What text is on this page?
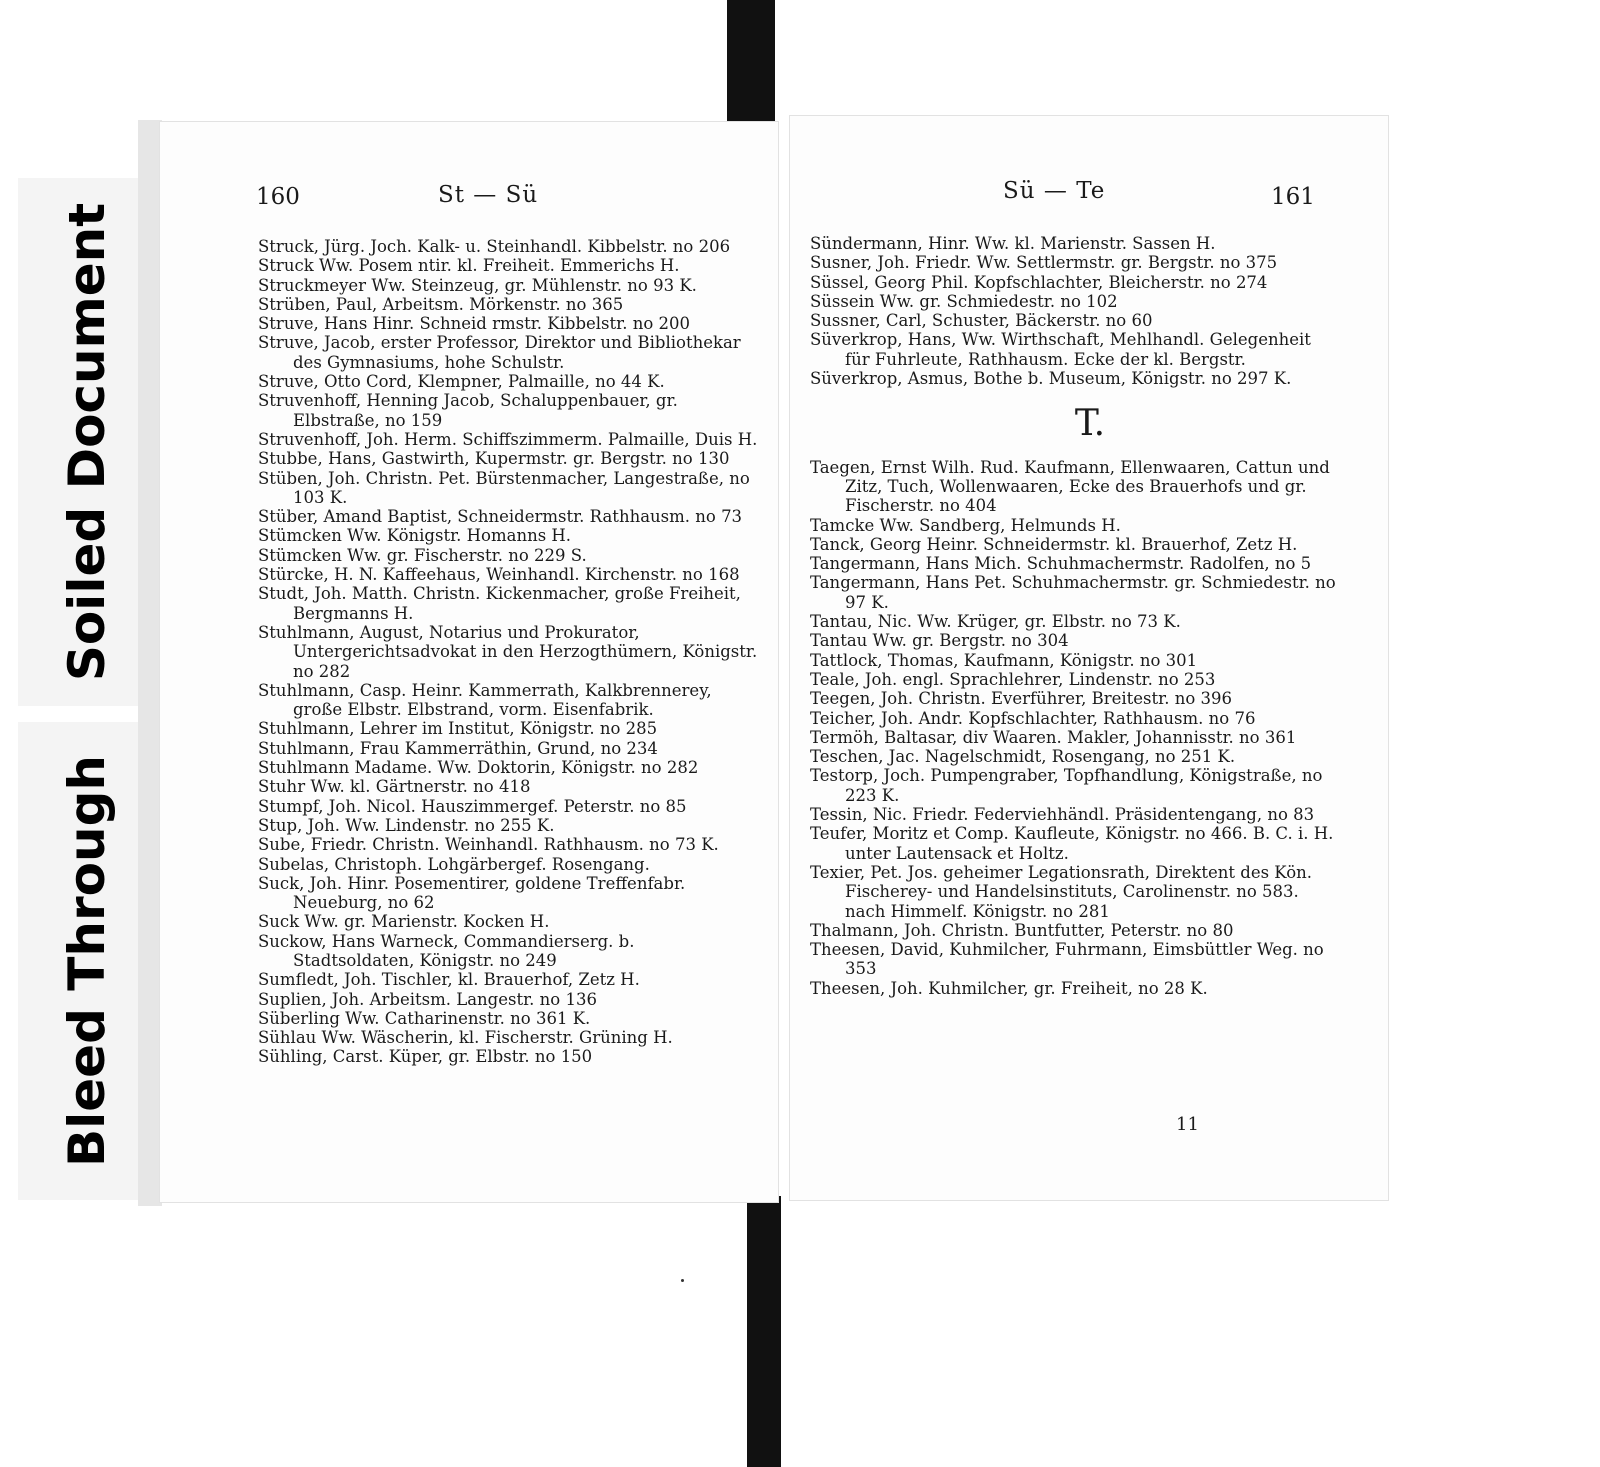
Soiled Document
Bleed Through
160	St — Sü
Struck, Jürg. Joch. Kalk- u. Steinhandl. Kibbelstr. no 206
Struck Ww. Posem ntir. kl. Freiheit. Emmerichs H.
Struckmeyer Ww. Steinzeug, gr. Mühlenstr. no 93 K.
Strüben, Paul, Arbeitsm. Mörkenstr. no 365
Struve, Hans Hinr. Schneid rmstr. Kibbelstr. no 200
Struve, Jacob, erster Professor, Direktor und Bibliothekar des Gymnasiums, hohe Schulstr.
Struve, Otto Cord, Klempner, Palmaille, no 44 K.
Struvenhoff, Henning Jacob, Schaluppenbauer, gr. Elbstraße, no 159
Struvenhoff, Joh. Herm. Schiffszimmerm. Palmaille, Duis H.
Stubbe, Hans, Gastwirth, Kupermstr. gr. Bergstr. no 130
Stüben, Joh. Christn. Pet. Bürstenmacher, Langestraße, no 103 K.
Stüber, Amand Baptist, Schneidermstr. Rathhausm. no 73
Stümcken Ww. Königstr. Homanns H.
Stümcken Ww. gr. Fischerstr. no 229 S.
Stürcke, H. N. Kaffeehaus, Weinhandl. Kirchenstr. no 168
Studt, Joh. Matth. Christn. Kickenmacher, große Freiheit, Bergmanns H.
Stuhlmann, August, Notarius und Prokurator, Untergerichtsadvokat in den Herzogthümern, Königstr. no 282
Stuhlmann, Casp. Heinr. Kammerrath, Kalkbrennerey, große Elbstr. Elbstrand, vorm. Eisenfabrik.
Stuhlmann, Lehrer im Institut, Königstr. no 285
Stuhlmann, Frau Kammerräthin, Grund, no 234
Stuhlmann Madame. Ww. Doktorin, Königstr. no 282
Stuhr Ww. kl. Gärtnerstr. no 418
Stumpf, Joh. Nicol. Hauszimmergef. Peterstr. no 85
Stup, Joh. Ww. Lindenstr. no 255 K.
Sube, Friedr. Christn. Weinhandl. Rathhausm. no 73 K.
Subelas, Christoph. Lohgärbergef. Rosengang.
Suck, Joh. Hinr. Posementirer, goldene Treffenfabr. Neueburg, no 62
Suck Ww. gr. Marienstr. Kocken H.
Suckow, Hans Warneck, Commandierserg. b. Stadtsoldaten, Königstr. no 249
Sumfledt, Joh. Tischler, kl. Brauerhof, Zetz H.
Suplien, Joh. Arbeitsm. Langestr. no 136
Süberling Ww. Catharinenstr. no 361 K.
Sühlau Ww. Wäscherin, kl. Fischerstr. Grüning H.
Sühling, Carst. Küper, gr. Elbstr. no 150
Sü — Te	161
Sündermann, Hinr. Ww. kl. Marienstr. Sassen H.
Susner, Joh. Friedr. Ww. Settlermstr. gr. Bergstr. no 375
Süssel, Georg Phil. Kopfschlachter, Bleicherstr. no 274
Süssein Ww. gr. Schmiedestr. no 102
Sussner, Carl, Schuster, Bäckerstr. no 60
Süverkrop, Hans, Ww. Wirthschaft, Mehlhandl. Gelegenheit für Fuhrleute, Rathhausm. Ecke der kl. Bergstr.
Süverkrop, Asmus, Bothe b. Museum, Königstr. no 297 K.
T.
Taegen, Ernst Wilh. Rud. Kaufmann, Ellenwaaren, Cattun und Zitz, Tuch, Wollenwaaren, Ecke des Brauerhofs und gr. Fischerstr. no 404
Tamcke Ww. Sandberg, Helmunds H.
Tanck, Georg Heinr. Schneidermstr. kl. Brauerhof, Zetz H.
Tangermann, Hans Mich. Schuhmachermstr. Radolfen, no 5
Tangermann, Hans Pet. Schuhmachermstr. gr. Schmiedestr. no 97 K.
Tantau, Nic. Ww. Krüger, gr. Elbstr. no 73 K.
Tantau Ww. gr. Bergstr. no 304
Tattlock, Thomas, Kaufmann, Königstr. no 301
Teale, Joh. engl. Sprachlehrer, Lindenstr. no 253
Teegen, Joh. Christn. Everführer, Breitestr. no 396
Teicher, Joh. Andr. Kopfschlachter, Rathhausm. no 76
Termöh, Baltasar, div Waaren. Makler, Johannisstr. no 361
Teschen, Jac. Nagelschmidt, Rosengang, no 251 K.
Testorp, Joch. Pumpengraber, Topfhandlung, Königstraße, no 223 K.
Tessin, Nic. Friedr. Federviehhändl. Präsidentengang, no 83
Teufer, Moritz et Comp. Kaufleute, Königstr. no 466. B. C. i. H. unter Lautensack et Holtz.
Texier, Pet. Jos. geheimer Legationsrath, Direktent des Kön. Fischerey- und Handelsinstituts, Carolinenstr. no 583. nach Himmelf. Königstr. no 281
Thalmann, Joh. Christn. Buntfutter, Peterstr. no 80
Theesen, David, Kuhmilcher, Fuhrmann, Eimsbüttler Weg. no 353
Theesen, Joh. Kuhmilcher, gr. Freiheit, no 28 K.
11
